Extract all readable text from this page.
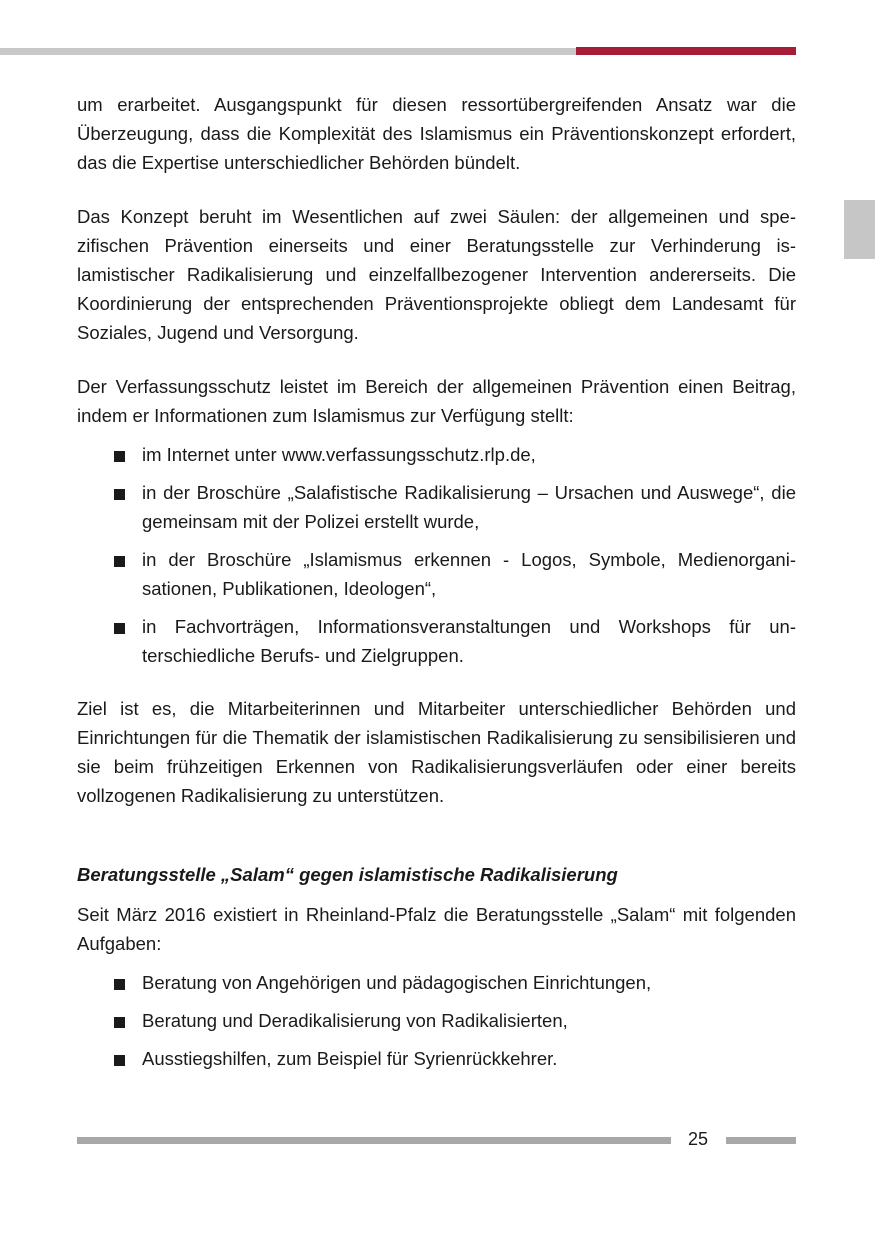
um erarbeitet. Ausgangspunkt für diesen ressortübergreifenden Ansatz war die Überzeugung, dass die Komplexität des Islamismus ein Präventionskonzept erfordert, das die Expertise unterschiedlicher Behörden bündelt.

Das Konzept beruht im Wesentlichen auf zwei Säulen: der allgemeinen und spezifischen Prävention einerseits und einer Beratungsstelle zur Verhinderung islamistischer Radikalisierung und einzelfallbezogener Intervention andererseits. Die Koordinierung der entsprechenden Präventionsprojekte obliegt dem Landesamt für Soziales, Jugend und Versorgung.

Der Verfassungsschutz leistet im Bereich der allgemeinen Prävention einen Beitrag, indem er Informationen zum Islamismus zur Verfügung stellt:

im Internet unter www.verfassungsschutz.rlp.de,
in der Broschüre „Salafistische Radikalisierung – Ursachen und Auswege“, die gemeinsam mit der Polizei erstellt wurde,
in der Broschüre „Islamismus erkennen - Logos, Symbole, Medienorganisationen, Publikationen, Ideologen“,
in Fachvorträgen, Informationsveranstaltungen und Workshops für unterschiedliche Berufs- und Zielgruppen.

Ziel ist es, die Mitarbeiterinnen und Mitarbeiter unterschiedlicher Behörden und Einrichtungen für die Thematik der islamistischen Radikalisierung zu sensibilisieren und sie beim frühzeitigen Erkennen von Radikalisierungsverläufen oder einer bereits vollzogenen Radikalisierung zu unterstützen.

Beratungsstelle „Salam“ gegen islamistische Radikalisierung

Seit März 2016 existiert in Rheinland-Pfalz die Beratungsstelle „Salam“ mit folgenden Aufgaben:

Beratung von Angehörigen und pädagogischen Einrichtungen,
Beratung und Deradikalisierung von Radikalisierten,
Ausstiegshilfen, zum Beispiel für Syrienrückkehrer.
25
